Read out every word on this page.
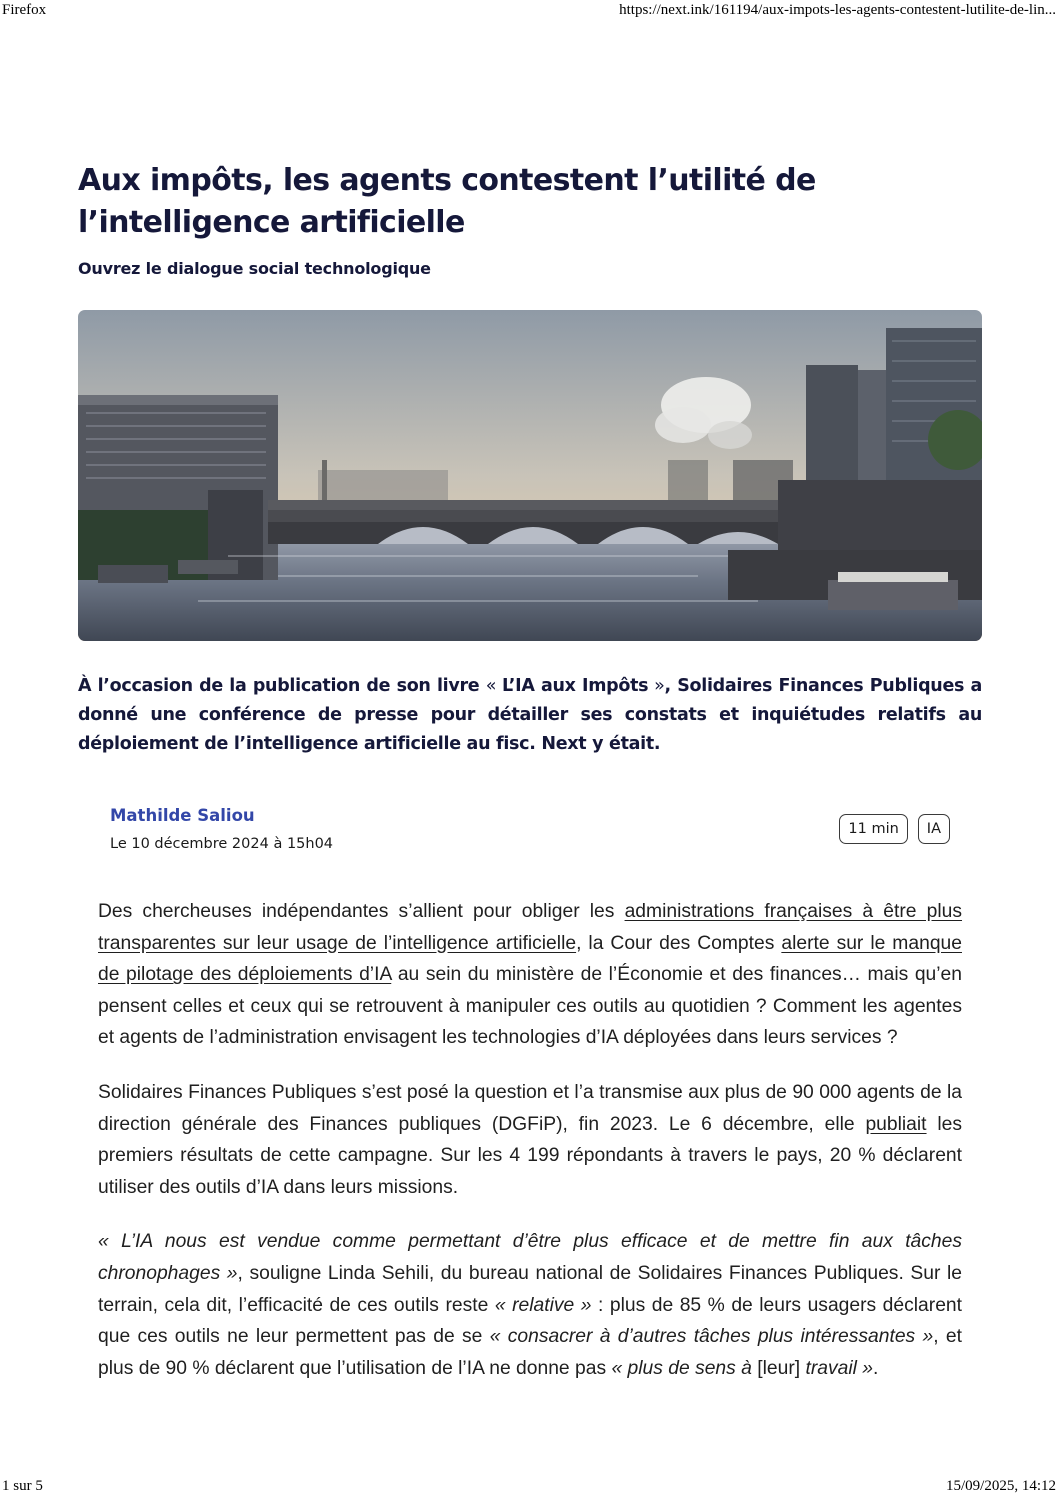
Firefox	https://next.ink/161194/aux-impots-les-agents-contestent-lutilite-de-lin...
Aux impôts, les agents contestent l’utilité de l’intelligence artificielle
Ouvrez le dialogue social technologique
À l’occasion de la publication de son livre « L’IA aux Impôts », Solidaires Finances Publiques a donné une conférence de presse pour détailler ses constats et inquiétudes relatifs au déploiement de l’intelligence artificielle au fisc. Next y était.
Mathilde Saliou
Le 10 décembre 2024 à 15h04
11 min	IA

Des chercheuses indépendantes s’allient pour obliger les administrations françaises à être plus transparentes sur leur usage de l’intelligence artificielle, la Cour des Comptes alerte sur le manque de pilotage des déploiements d’IA au sein du ministère de l’Économie et des finances… mais qu’en pensent celles et ceux qui se retrouvent à manipuler ces outils au quotidien ? Comment les agentes et agents de l’administration envisagent les technologies d’IA déployées dans leurs services ?

Solidaires Finances Publiques s’est posé la question et l’a transmise aux plus de 90 000 agents de la direction générale des Finances publiques (DGFiP), fin 2023. Le 6 décembre, elle publiait les premiers résultats de cette campagne. Sur les 4 199 répondants à travers le pays, 20 % déclarent utiliser des outils d’IA dans leurs missions.

« L’IA nous est vendue comme permettant d’être plus efficace et de mettre fin aux tâches chronophages », souligne Linda Sehili, du bureau national de Solidaires Finances Publiques. Sur le terrain, cela dit, l’efficacité de ces outils reste « relative » : plus de 85 % de leurs usagers déclarent que ces outils ne leur permettent pas de se « consacrer à d’autres tâches plus intéressantes », et plus de 90 % déclarent que l’utilisation de l’IA ne donne pas « plus de sens à [leur] travail ».

1 sur 5	15/09/2025, 14:12
